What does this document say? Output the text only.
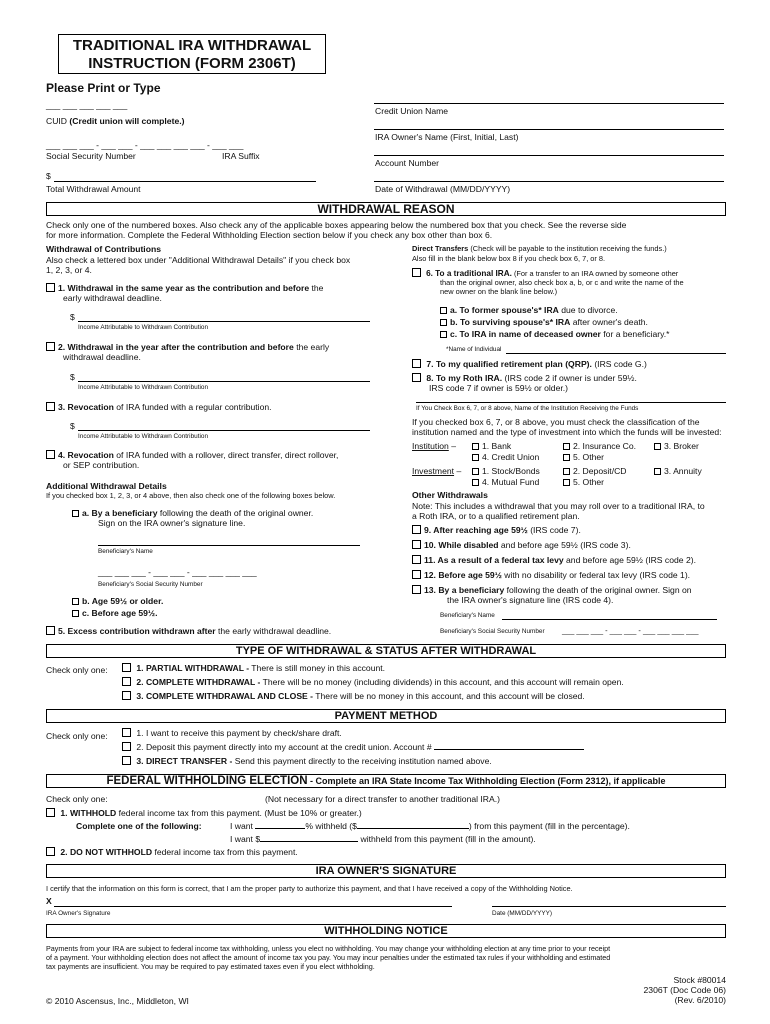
TRADITIONAL IRA WITHDRAWAL
INSTRUCTION (FORM 2306T)
Please Print or Type
___ ___ ___ ___ ___
CUID (Credit union will complete.)
___ ___ ___ - ___ ___ - ___ ___ ___ ___ - ___ ___
Social Security Number	IRA Suffix
$
Total Withdrawal Amount
Credit Union Name
IRA Owner's Name (First, Initial, Last)
Account Number
Date of Withdrawal (MM/DD/YYYY)
WITHDRAWAL REASON
Check only one of the numbered boxes. Also check any of the applicable boxes appearing below the numbered box that you check. See the reverse side
for more information. Complete the Federal Withholding Election section below if you check any box other than box 6.
Withdrawal of Contributions
Also check a lettered box under "Additional Withdrawal Details" if you check box
1, 2, 3, or 4.
1. Withdrawal in the same year as the contribution and before the
early withdrawal deadline.
$
Income Attributable to Withdrawn Contribution
2. Withdrawal in the year after the contribution and before the early
withdrawal deadline.
$
Income Attributable to Withdrawn Contribution
3. Revocation of IRA funded with a regular contribution.
$
Income Attributable to Withdrawn Contribution
4. Revocation of IRA funded with a rollover, direct transfer, direct rollover,
or SEP contribution.
Additional Withdrawal Details
If you checked box 1, 2, 3, or 4 above, then also check one of the following boxes below.
a. By a beneficiary following the death of the original owner.
Sign on the IRA owner's signature line.
Beneficiary's Name
___ ___ ___ - ___ ___ - ___ ___ ___ ___
Beneficiary's Social Security Number
b. Age 59½ or older.
c. Before age 59½.
5. Excess contribution withdrawn after the early withdrawal deadline.
Direct Transfers (Check will be payable to the institution receiving the funds.)
Also fill in the blank below box 8 if you check box 6, 7, or 8.
6. To a traditional IRA. (For a transfer to an IRA owned by someone other
than the original owner, also check box a, b, or c and write the name of the
new owner on the blank line below.)
a. To former spouse's* IRA due to divorce.
b. To surviving spouse's* IRA after owner's death.
c. To IRA in name of deceased owner for a beneficiary.*
*Name of Individual
7. To my qualified retirement plan (QRP). (IRS code G.)
8. To my Roth IRA. (IRS code 2 if owner is under 59½.
IRS code 7 if owner is 59½ or older.)
If You Check Box 6, 7, or 8 above, Name of the Institution Receiving the Funds
If you checked box 6, 7, or 8 above, you must check the classification of the
institution named and the type of investment into which the funds will be invested:
Institution –	1. Bank	2. Insurance Co.	3. Broker
4. Credit Union	5. Other
Investment –	1. Stock/Bonds	2. Deposit/CD	3. Annuity
4. Mutual Fund	5. Other
Other Withdrawals
Note: This includes a withdrawal that you may roll over to a traditional IRA, to
a Roth IRA, or to a qualified retirement plan.
9. After reaching age 59½ (IRS code 7).
10. While disabled and before age 59½ (IRS code 3).
11. As a result of a federal tax levy and before age 59½ (IRS code 2).
12. Before age 59½ with no disability or federal tax levy (IRS code 1).
13. By a beneficiary following the death of the original owner. Sign on
the IRA owner's signature line (IRS code 4).
Beneficiary's Name
Beneficiary's Social Security Number ___ ___ ___ - ___ ___ - ___ ___ ___ ___
TYPE OF WITHDRAWAL & STATUS AFTER WITHDRAWAL
Check only one:	1. PARTIAL WITHDRAWAL - There is still money in this account.
2. COMPLETE WITHDRAWAL - There will be no money (including dividends) in this account, and this account will remain open.
3. COMPLETE WITHDRAWAL AND CLOSE - There will be no money in this account, and this account will be closed.
PAYMENT METHOD
Check only one:	1. I want to receive this payment by check/share draft.
2. Deposit this payment directly into my account at the credit union. Account #
3. DIRECT TRANSFER - Send this payment directly to the receiving institution named above.
FEDERAL WITHHOLDING ELECTION - Complete an IRA State Income Tax Withholding Election (Form 2312), if applicable
Check only one:	(Not necessary for a direct transfer to another traditional IRA.)
1. WITHHOLD federal income tax from this payment. (Must be 10% or greater.)
Complete one of the following:	I want	% withheld ($	) from this payment (fill in the percentage).
I want $	withheld from this payment (fill in the amount).
2. DO NOT WITHHOLD federal income tax from this payment.
IRA OWNER'S SIGNATURE
I certify that the information on this form is correct, that I am the proper party to authorize this payment, and that I have received a copy of the Withholding Notice.
X
IRA Owner's Signature	Date (MM/DD/YYYY)
WITHHOLDING NOTICE
Payments from your IRA are subject to federal income tax withholding, unless you elect no withholding. You may change your withholding election at any time prior to your receipt
of a payment. Your withholding election does not affect the amount of income tax you pay. You may incur penalties under the estimated tax rules if your withholding and estimated
tax payments are insufficient. You may be required to pay estimated taxes even if you elect withholding.
© 2010 Ascensus, Inc., Middleton, WI
Stock #80014
2306T (Doc Code 06)
(Rev. 6/2010)
